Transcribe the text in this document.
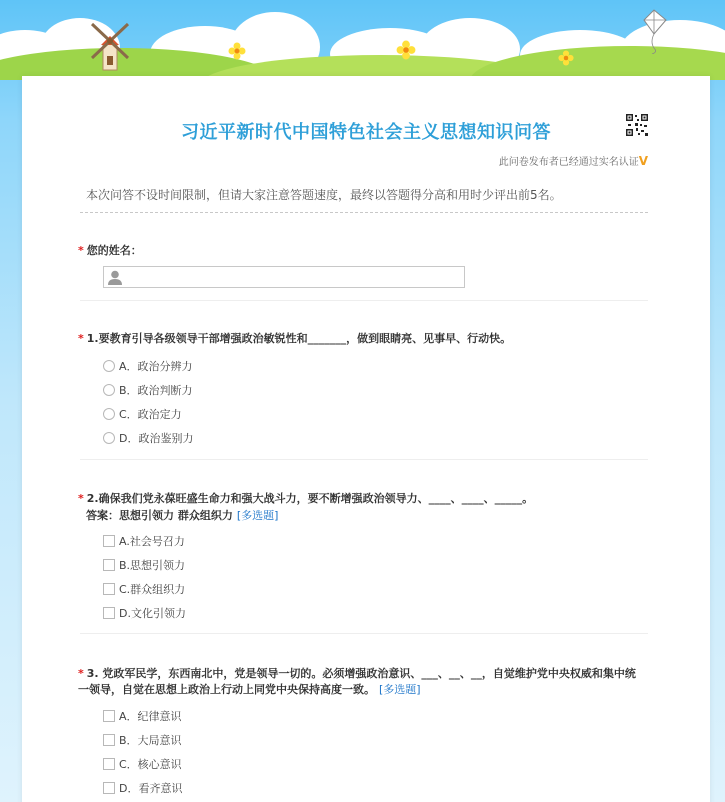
习近平新时代中国特色社会主义思想知识问答
此问卷发布者已经通过实名认证V
本次问答不设时间限制，但请大家注意答题速度，最终以答题得分高和用时少评出前5名。
* 您的姓名：
* 1.要教育引导各级领导干部增强政治敏锐性和_______，做到眼睛亮、见事早、行动快。
A．政治分辨力
B．政治判断力
C．政治定力
D．政治鉴别力
* 2.确保我们党永葆旺盛生命力和强大战斗力，要不断增强政治领导力、____、____、_____。
答案：思想引领力 群众组织力 [多选题]
A.社会号召力
B.思想引领力
C.群众组织力
D.文化引领力
* 3. 党政军民学，东西南北中，党是领导一切的。必须增强政治意识、___、__、__，自觉维护党中央权威和集中统
一领导，自觉在思想上政治上行动上同党中央保持高度一致。 [多选题]
A．纪律意识
B．大局意识
C．核心意识
D．看齐意识
